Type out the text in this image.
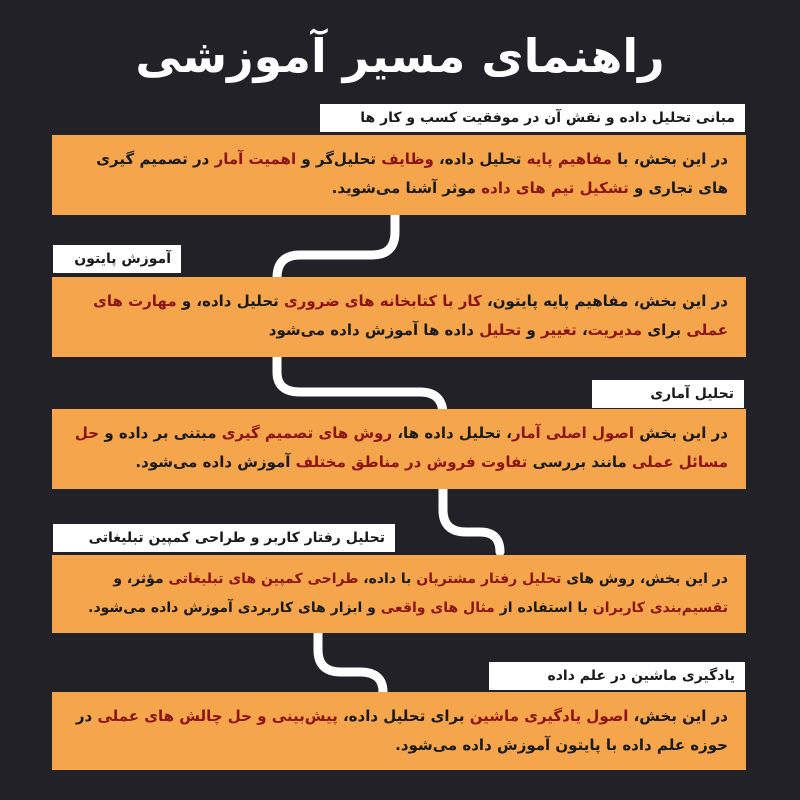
راهنمای مسیر آموزشی
مبانی تحلیل داده و نقش آن در موفقیت کسب و کار ها
در این بخش، با مفاهیم پایه تحلیل داده، وظایف تحلیل‌گر و اهمیت آمار در تصمیم گیری های تجاری و تشکیل تیم های داده موثر آشنا می‌شوید.
آموزش پایتون
در این بخش، مفاهیم پایه پایتون، کار با کتابخانه های ضروری تحلیل داده، و مهارت های عملی برای مدیریت، تغییر و تحلیل داده ها آموزش داده می‌شود
تحلیل آماری
در این بخش اصول اصلی آمار، تحلیل داده ها، روش های تصمیم گیری مبتنی بر داده و حل مسائل عملی مانند بررسی تفاوت فروش در مناطق مختلف آموزش داده می‌شود.
تحلیل رفتار کاربر و طراحی کمپین تبلیغاتی
در این بخش، روش های تحلیل رفتار مشتریان با داده، طراحی کمپین های تبلیغاتی مؤثر، و تقسیم‌بندی کاربران با استفاده از مثال های واقعی و ابزار های کاربردی آموزش داده می‌شود.
یادگیری ماشین در علم داده
در این بخش، اصول یادگیری ماشین برای تحلیل داده، پیش‌بینی و حل چالش های عملی در حوزه علم داده با پایتون آموزش داده می‌شود.
